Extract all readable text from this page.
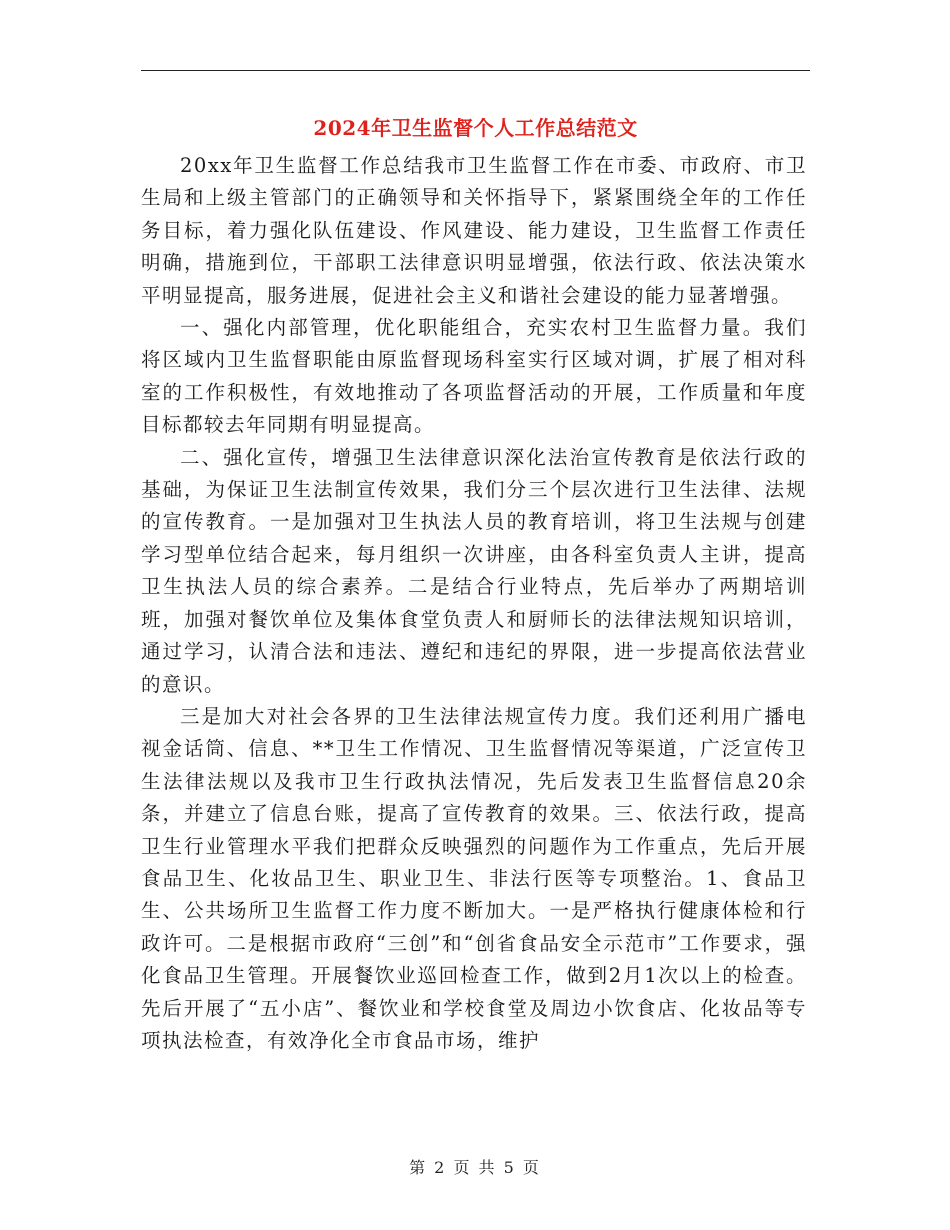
2024年卫生监督个人工作总结范文

20xx年卫生监督工作总结我市卫生监督工作在市委、市政府、市卫生局和上级主管部门的正确领导和关怀指导下，紧紧围绕全年的工作任务目标，着力强化队伍建设、作风建设、能力建设，卫生监督工作责任明确，措施到位，干部职工法律意识明显增强，依法行政、依法决策水平明显提高，服务进展，促进社会主义和谐社会建设的能力显著增强。

一、强化内部管理，优化职能组合，充实农村卫生监督力量。我们将区域内卫生监督职能由原监督现场科室实行区域对调，扩展了相对科室的工作积极性，有效地推动了各项监督活动的开展，工作质量和年度目标都较去年同期有明显提高。

二、强化宣传，增强卫生法律意识深化法治宣传教育是依法行政的基础，为保证卫生法制宣传效果，我们分三个层次进行卫生法律、法规的宣传教育。一是加强对卫生执法人员的教育培训，将卫生法规与创建学习型单位结合起来，每月组织一次讲座，由各科室负责人主讲，提高卫生执法人员的综合素养。二是结合行业特点，先后举办了两期培训班，加强对餐饮单位及集体食堂负责人和厨师长的法律法规知识培训，通过学习，认清合法和违法、遵纪和违纪的界限，进一步提高依法营业的意识。

三是加大对社会各界的卫生法律法规宣传力度。我们还利用广播电视金话筒、信息、**卫生工作情况、卫生监督情况等渠道，广泛宣传卫生法律法规以及我市卫生行政执法情况，先后发表卫生监督信息20余条，并建立了信息台账，提高了宣传教育的效果。三、依法行政，提高卫生行业管理水平我们把群众反映强烈的问题作为工作重点，先后开展食品卫生、化妆品卫生、职业卫生、非法行医等专项整治。1、食品卫生、公共场所卫生监督工作力度不断加大。一是严格执行健康体检和行政许可。二是根据市政府“三创”和“创省食品安全示范市”工作要求，强化食品卫生管理。开展餐饮业巡回检查工作，做到2月1次以上的检查。先后开展了“五小店”、餐饮业和学校食堂及周边小饮食店、化妆品等专项执法检查，有效净化全市食品市场，维护

第 2 页 共 5 页
